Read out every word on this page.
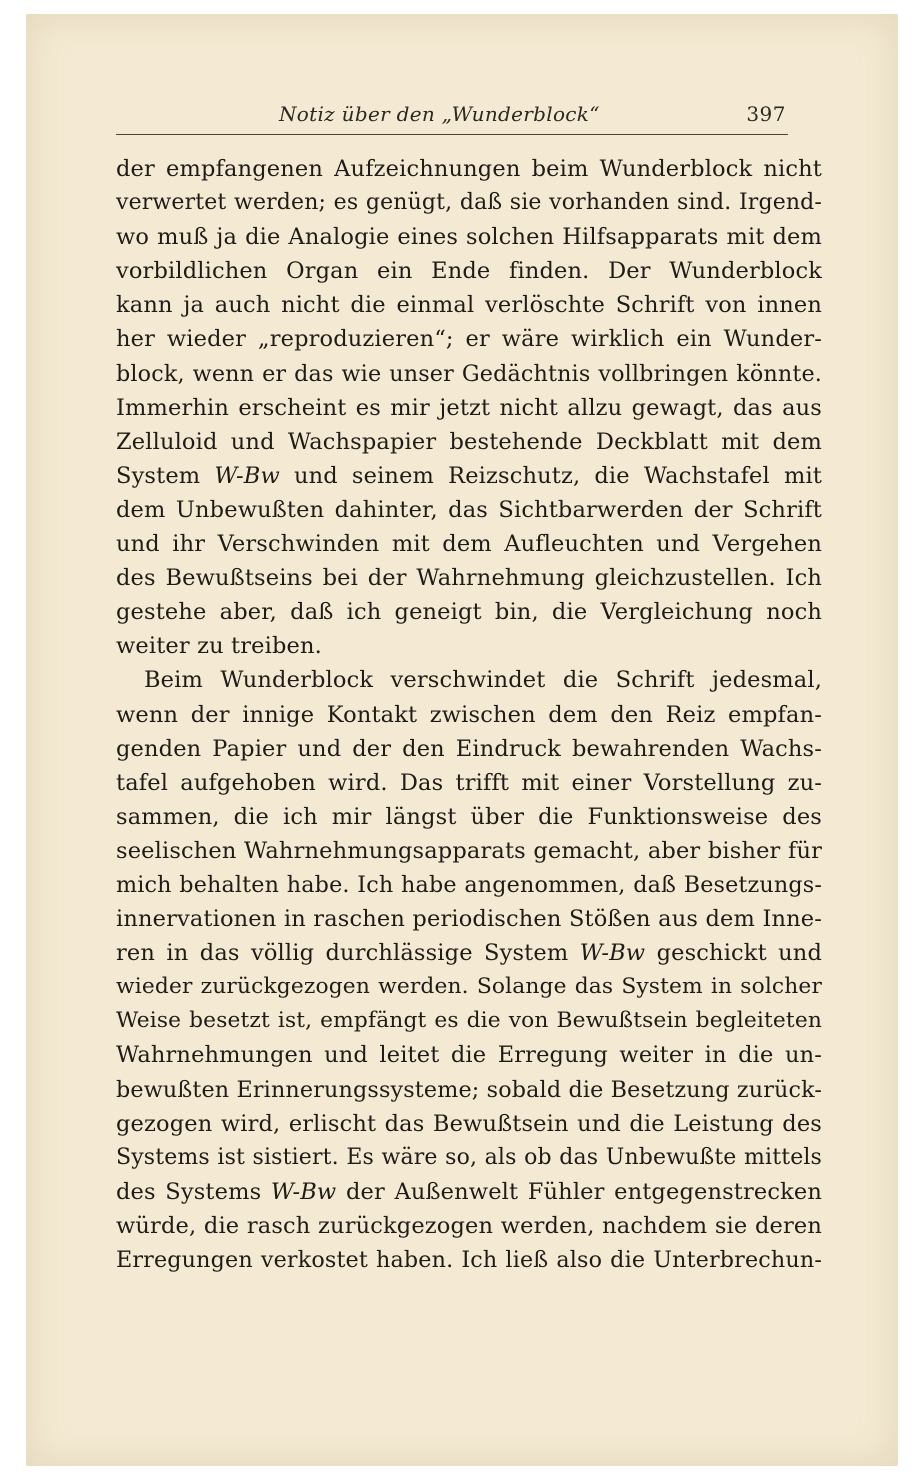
Notiz über den „Wunderblock“	397
der empfangenen Aufzeichnungen beim Wunderblock nicht
verwertet werden; es genügt, daß sie vorhanden sind. Irgend-
wo muß ja die Analogie eines solchen Hilfsapparats mit dem
vorbildlichen Organ ein Ende finden. Der Wunderblock
kann ja auch nicht die einmal verlöschte Schrift von innen
her wieder „reproduzieren“; er wäre wirklich ein Wunder-
block, wenn er das wie unser Gedächtnis vollbringen könnte.
Immerhin erscheint es mir jetzt nicht allzu gewagt, das aus
Zelluloid und Wachspapier bestehende Deckblatt mit dem
System W-Bw und seinem Reizschutz, die Wachstafel mit
dem Unbewußten dahinter, das Sichtbarwerden der Schrift
und ihr Verschwinden mit dem Aufleuchten und Vergehen
des Bewußtseins bei der Wahrnehmung gleichzustellen. Ich
gestehe aber, daß ich geneigt bin, die Vergleichung noch
weiter zu treiben.
Beim Wunderblock verschwindet die Schrift jedesmal,
wenn der innige Kontakt zwischen dem den Reiz empfan-
genden Papier und der den Eindruck bewahrenden Wachs-
tafel aufgehoben wird. Das trifft mit einer Vorstellung zu-
sammen, die ich mir längst über die Funktionsweise des
seelischen Wahrnehmungsapparats gemacht, aber bisher für
mich behalten habe. Ich habe angenommen, daß Besetzungs-
innervationen in raschen periodischen Stößen aus dem Inne-
ren in das völlig durchlässige System W-Bw geschickt und
wieder zurückgezogen werden. Solange das System in solcher
Weise besetzt ist, empfängt es die von Bewußtsein begleiteten
Wahrnehmungen und leitet die Erregung weiter in die un-
bewußten Erinnerungssysteme; sobald die Besetzung zurück-
gezogen wird, erlischt das Bewußtsein und die Leistung des
Systems ist sistiert. Es wäre so, als ob das Unbewußte mittels
des Systems W-Bw der Außenwelt Fühler entgegenstrecken
würde, die rasch zurückgezogen werden, nachdem sie deren
Erregungen verkostet haben. Ich ließ also die Unterbrechun-
